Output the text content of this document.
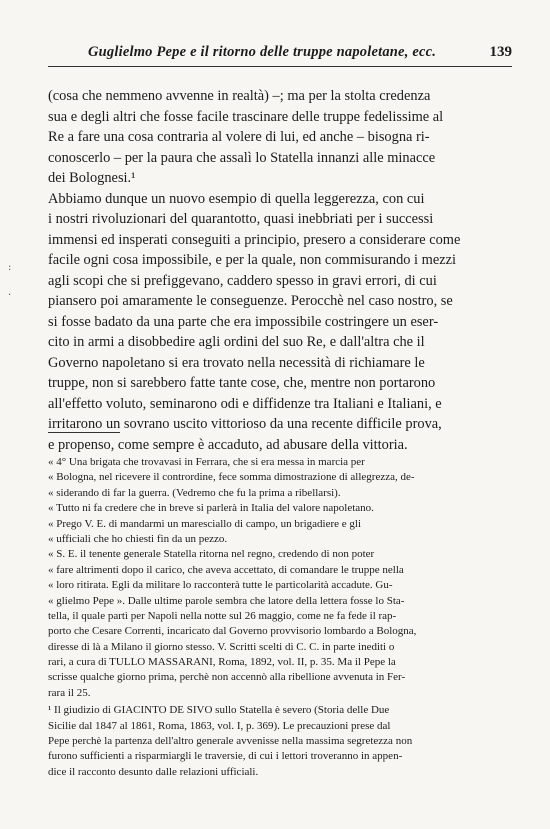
Guglielmo Pepe e il ritorno delle truppe napoletane, ecc.	139
(cosa che nemmeno avvenne in realtà) –; ma per la stolta credenza
sua e degli altri che fosse facile trascinare delle truppe fedelissime al
Re a fare una cosa contraria al volere di lui, ed anche – bisogna ri-
conoscerlo – per la paura che assalì lo Statella innanzi alle minacce
dei Bolognesi.¹
Abbiamo dunque un nuovo esempio di quella leggerezza, con cui
i nostri rivoluzionari del quarantotto, quasi inebbriati per i successi
immensi ed insperati conseguiti a principio, presero a considerare come
facile ogni cosa impossibile, e per la quale, non commisurando i mezzi
agli scopi che si prefiggevano, caddero spesso in gravi errori, di cui
piansero poi amaramente le conseguenze. Perocchè nel caso nostro, se
si fosse badato da una parte che era impossibile costringere un eser-
cito in armi a disobbedire agli ordini del suo Re, e dall'altra che il
Governo napoletano si era trovato nella necessità di richiamare le
truppe, non si sarebbero fatte tante cose, che, mentre non portarono
all'effetto voluto, seminarono odi e diffidenze tra Italiani e Italiani, e
irritarono un sovrano uscito vittorioso da una recente difficile prova,
e propenso, come sempre è accaduto, ad abusare della vittoria.
« 4° Una brigata che trovavasi in Ferrara, che si era messa in marcia per
« Bologna, nel ricevere il contrordine, fece somma dimostrazione di allegrezza, de-
« siderando di far la guerra. (Vedremo che fu la prima a ribellarsi).
« Tutto ni fa credere che in breve si parlerà in Italia del valore napoletano.
« Prego V. E. di mandarmi un maresciallo di campo, un brigadiere e gli
« ufficiali che ho chiesti fin da un pezzo.
« S. E. il tenente generale Statella ritorna nel regno, credendo di non poter
« fare altrimenti dopo il carico, che aveva accettato, di comandare le truppe nella
« loro ritirata. Egli da militare lo racconterà tutte le particolarità accadute. Gu-
« glielmo Pepe ». Dalle ultime parole sembra che latore della lettera fosse lo Sta-
tella, il quale partì per Napoli nella notte sul 26 maggio, come ne fa fede il rap-
porto che Cesare Correnti, incaricato dal Governo provvisorio lombardo a Bologna,
diresse di là a Milano il giorno stesso. V. Scritti scelti di C. C. in parte inediti o
rari, a cura di TULLO MASSARANI, Roma, 1892, vol. II, p. 35. Ma il Pepe la
scrisse qualche giorno prima, perchè non accennò alla ribellione avvenuta in Fer-
rara il 25.
¹ Il giudizio di GIACINTO DE SIVO sullo Statella è severo (Storia delle Due
Sicilie dal 1847 al 1861, Roma, 1863, vol. I, p. 369). Le precauzioni prese dal
Pepe perchè la partenza dell'altro generale avvenisse nella massima segretezza non
furono sufficienti a risparmiargli le traversie, di cui i lettori troveranno in appen-
dice il racconto desunto dalle relazioni ufficiali.
:
·
